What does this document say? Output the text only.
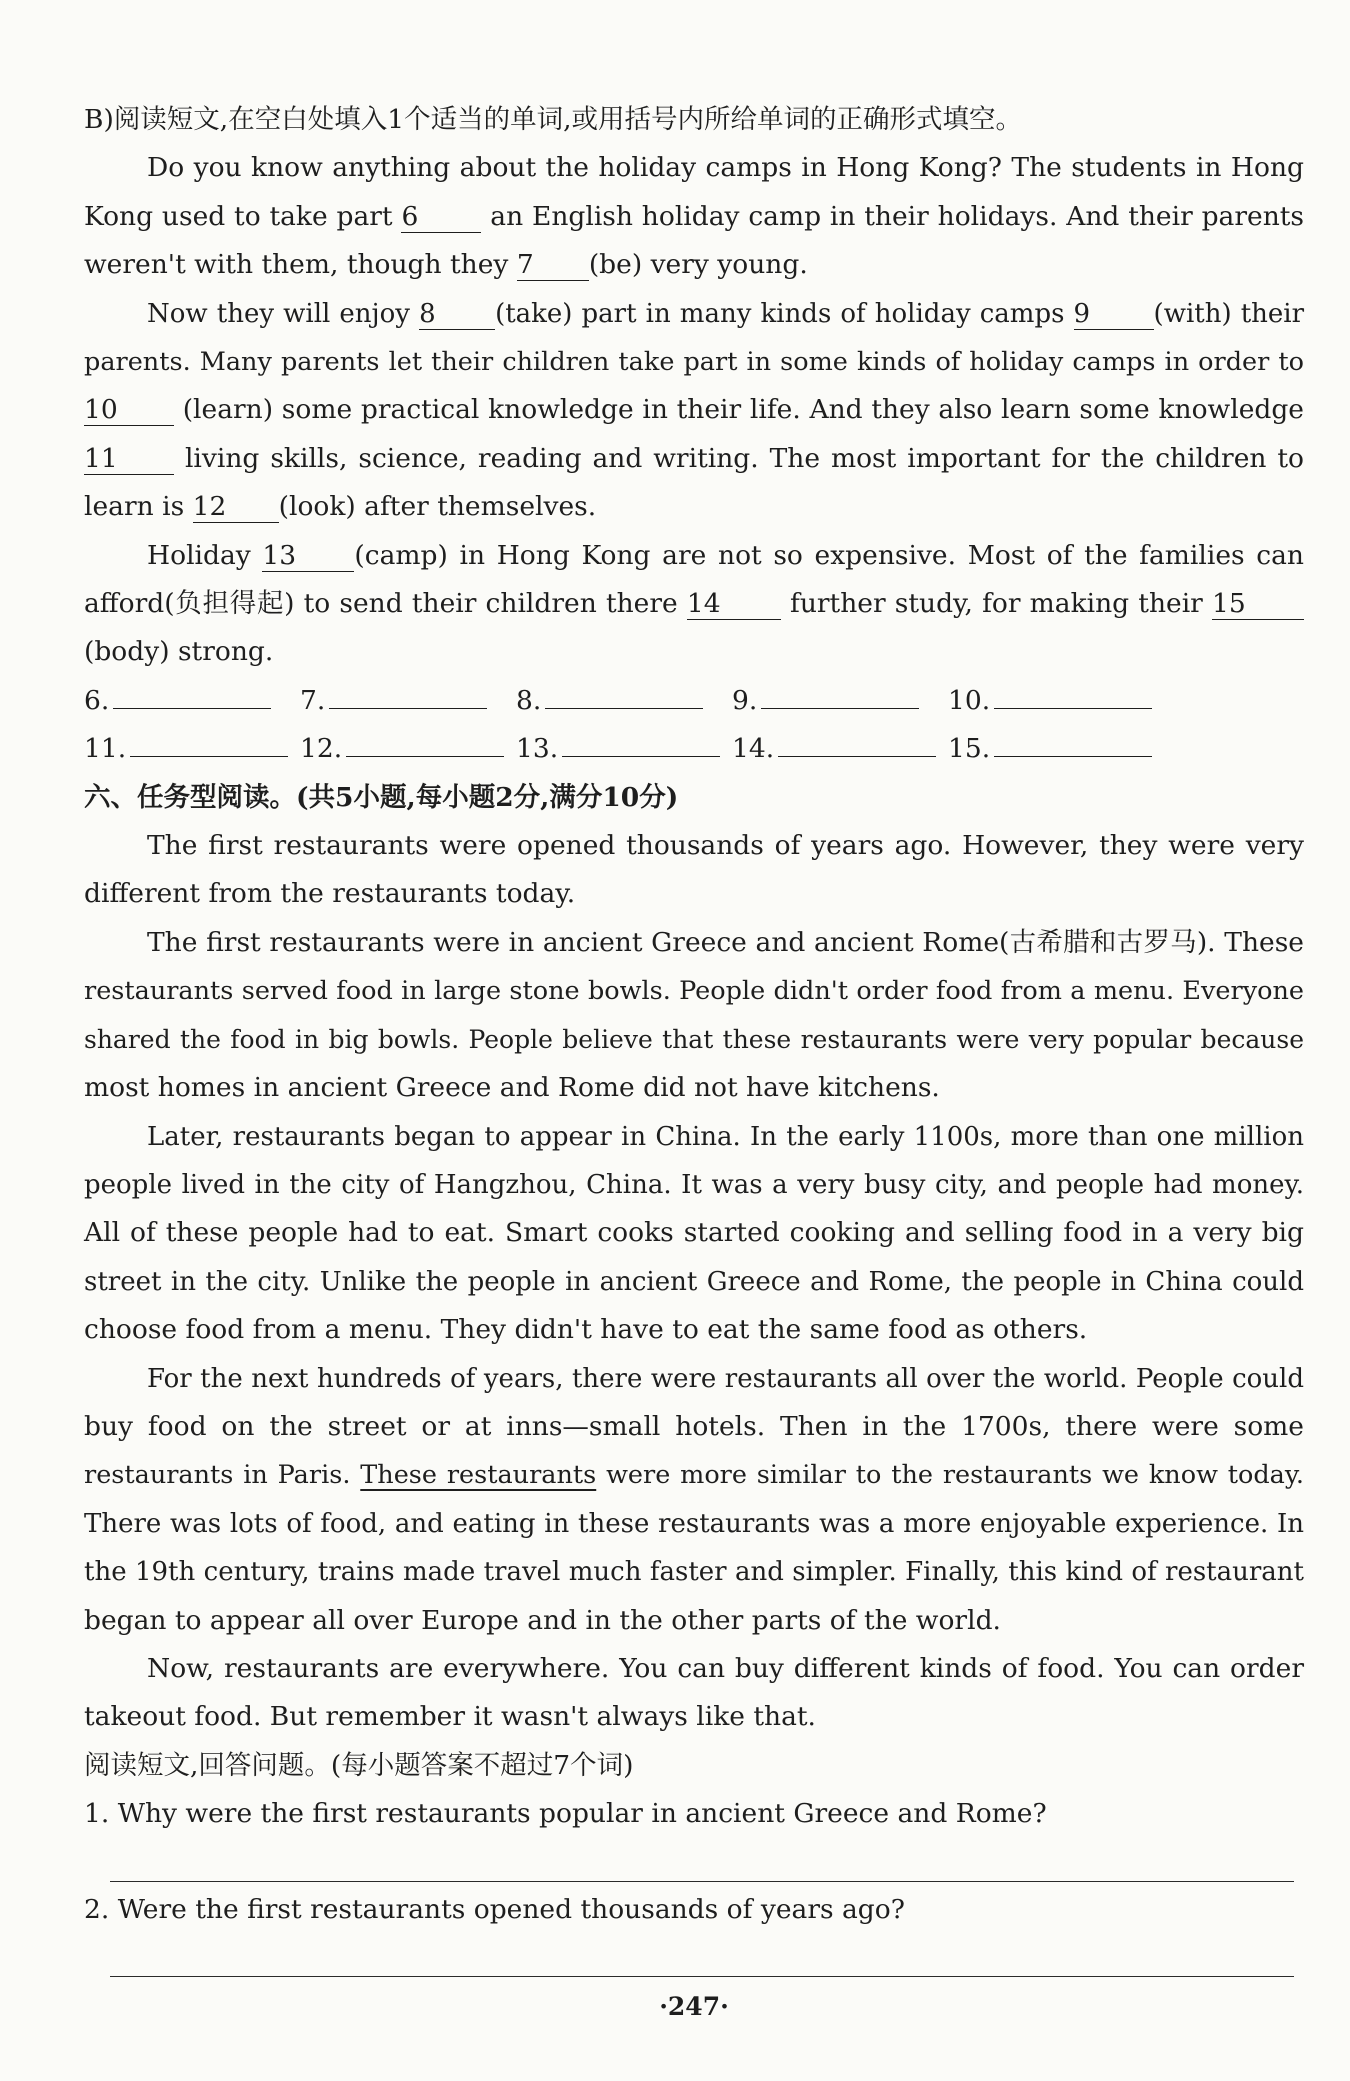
B)阅读短文,在空白处填入1个适当的单词,或用括号内所给单词的正确形式填空。
Do you know anything about the holiday camps in Hong Kong? The students in Hong
Kong used to take part 6	an English holiday camp in their holidays. And their parents
weren't with them, though they 7 (be) very young.
Now they will enjoy 8 (take) part in many kinds of holiday camps 9 (with) their
parents. Many parents let their children take part in some kinds of holiday camps in order to
10 (learn) some practical knowledge in their life. And they also learn some knowledge
11	living skills, science, reading and writing. The most important for the children to
learn is 12 (look) after themselves.
Holiday 13 (camp) in Hong Kong are not so expensive. Most of the families can
afford(负担得起) to send their children there 14	further study, for making their 15
(body) strong.
6.	7.	8.	9.	10.
11.	12.	13.	14.	15.
六、任务型阅读。(共5小题,每小题2分,满分10分)
The first restaurants were opened thousands of years ago. However, they were very
different from the restaurants today.
The first restaurants were in ancient Greece and ancient Rome(古希腊和古罗马). These
restaurants served food in large stone bowls. People didn't order food from a menu. Everyone
shared the food in big bowls. People believe that these restaurants were very popular because
most homes in ancient Greece and Rome did not have kitchens.
Later, restaurants began to appear in China. In the early 1100s, more than one million
people lived in the city of Hangzhou, China. It was a very busy city, and people had money.
All of these people had to eat. Smart cooks started cooking and selling food in a very big
street in the city. Unlike the people in ancient Greece and Rome, the people in China could
choose food from a menu. They didn't have to eat the same food as others.
For the next hundreds of years, there were restaurants all over the world. People could
buy food on the street or at inns—small hotels. Then in the 1700s, there were some
restaurants in Paris. These restaurants were more similar to the restaurants we know today.
There was lots of food, and eating in these restaurants was a more enjoyable experience. In
the 19th century, trains made travel much faster and simpler. Finally, this kind of restaurant
began to appear all over Europe and in the other parts of the world.
Now, restaurants are everywhere. You can buy different kinds of food. You can order
takeout food. But remember it wasn't always like that.
阅读短文,回答问题。(每小题答案不超过7个词)
1. Why were the first restaurants popular in ancient Greece and Rome?
2. Were the first restaurants opened thousands of years ago?
·247·
